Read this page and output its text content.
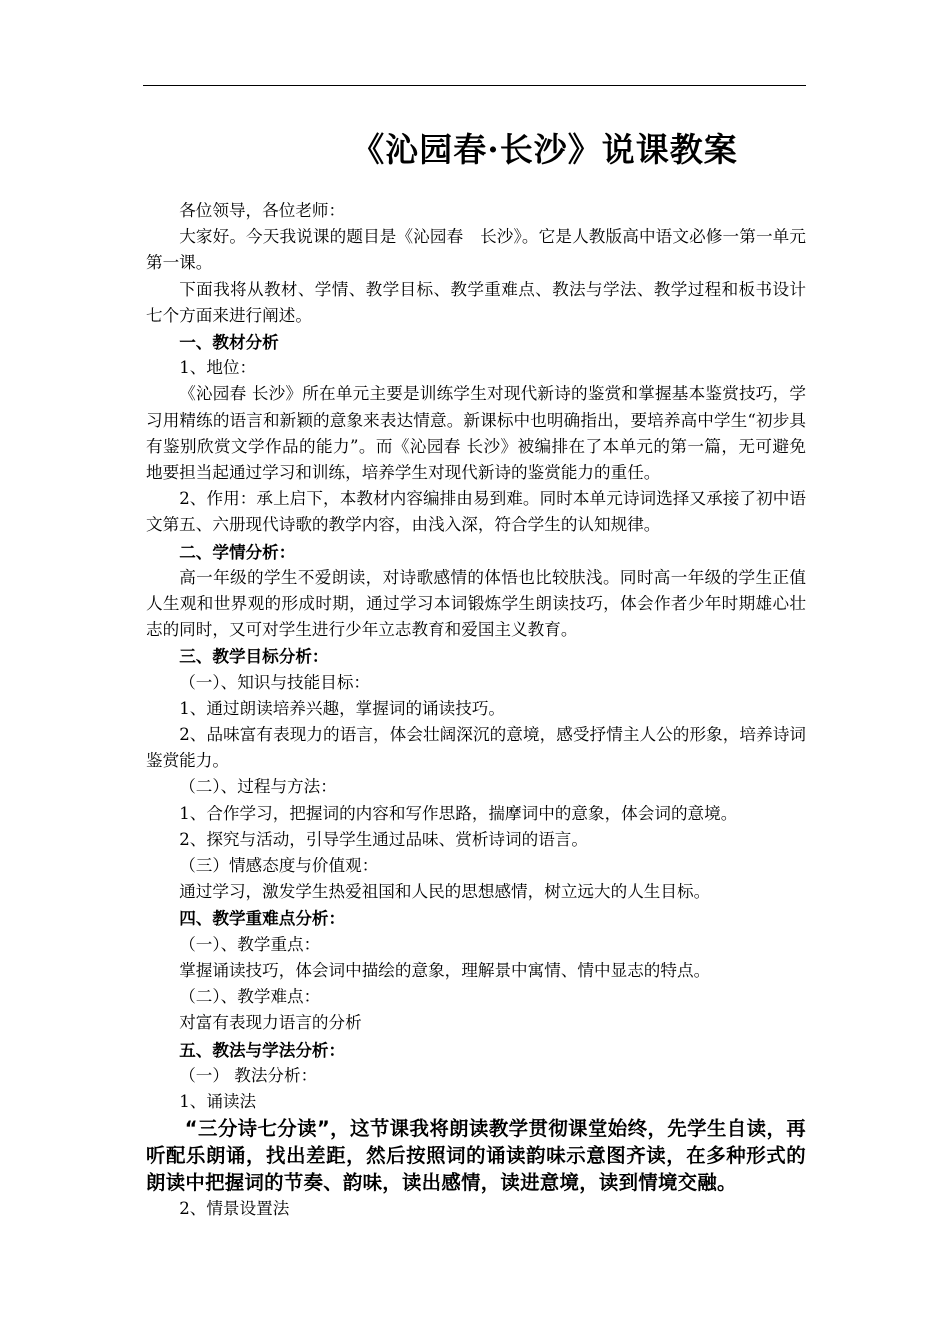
《沁园春·长沙》说课教案

各位领导，各位老师：

大家好。今天我说课的题目是《沁园春　长沙》。它是人教版高中语文必修一第一单元第一课。

下面我将从教材、学情、教学目标、教学重难点、教法与学法、教学过程和板书设计七个方面来进行阐述。

一、教材分析

1、地位：

《沁园春 长沙》所在单元主要是训练学生对现代新诗的鉴赏和掌握基本鉴赏技巧，学习用精练的语言和新颖的意象来表达情意。新课标中也明确指出，要培养高中学生“初步具有鉴别欣赏文学作品的能力”。而《沁园春 长沙》被编排在了本单元的第一篇，无可避免地要担当起通过学习和训练，培养学生对现代新诗的鉴赏能力的重任。

2、作用：承上启下，本教材内容编排由易到难。同时本单元诗词选择又承接了初中语文第五、六册现代诗歌的教学内容，由浅入深，符合学生的认知规律。

二、学情分析：

高一年级的学生不爱朗读，对诗歌感情的体悟也比较肤浅。同时高一年级的学生正值人生观和世界观的形成时期，通过学习本词锻炼学生朗读技巧，体会作者少年时期雄心壮志的同时，又可对学生进行少年立志教育和爱国主义教育。

三、教学目标分析：

（一）、知识与技能目标：

1、通过朗读培养兴趣，掌握词的诵读技巧。

2、品味富有表现力的语言，体会壮阔深沉的意境，感受抒情主人公的形象，培养诗词鉴赏能力。

（二）、过程与方法：

1、合作学习，把握词的内容和写作思路，揣摩词中的意象，体会词的意境。

2、探究与活动，引导学生通过品味、赏析诗词的语言。

（三）情感态度与价值观：

通过学习，激发学生热爱祖国和人民的思想感情，树立远大的人生目标。

四、教学重难点分析：

（一）、教学重点：

掌握诵读技巧，体会词中描绘的意象，理解景中寓情、情中显志的特点。

（二）、教学难点：

对富有表现力语言的分析

五、教法与学法分析：

（一） 教法分析：

1、诵读法

“三分诗七分读”，这节课我将朗读教学贯彻课堂始终，先学生自读，再听配乐朗诵，找出差距，然后按照词的诵读韵味示意图齐读，在多种形式的朗读中把握词的节奏、韵味，读出感情，读进意境，读到情境交融。

2、情景设置法
